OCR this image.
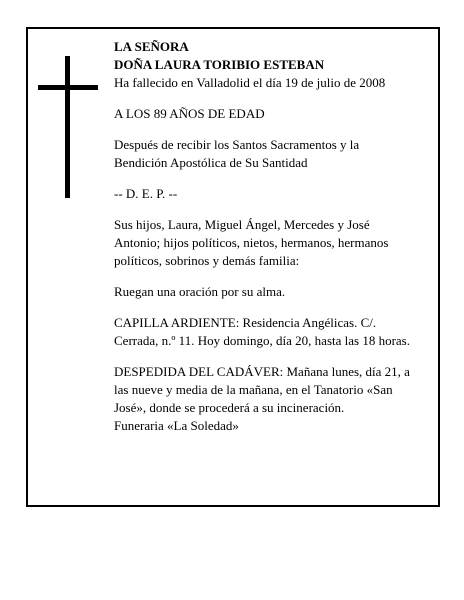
LA SEÑORA

DOÑA LAURA TORIBIO ESTEBAN

Ha fallecido en Valladolid el día 19 de julio de 2008

A LOS 89 AÑOS DE EDAD

Después de recibir los Santos Sacramentos y la Bendición Apostólica de Su Santidad

-- D. E. P. --

Sus hijos, Laura, Miguel Ángel, Mercedes y José Antonio; hijos políticos, nietos, hermanos, hermanos políticos, sobrinos y demás familia:

Ruegan una oración por su alma.

CAPILLA ARDIENTE: Residencia Angélicas. C/. Cerrada, n.º 11. Hoy domingo, día 20, hasta las 18 horas.

DESPEDIDA DEL CADÁVER: Mañana lunes, día 21, a las nueve y media de la mañana, en el Tanatorio «San José», donde se procederá a su incineración.

Funeraria «La Soledad»
